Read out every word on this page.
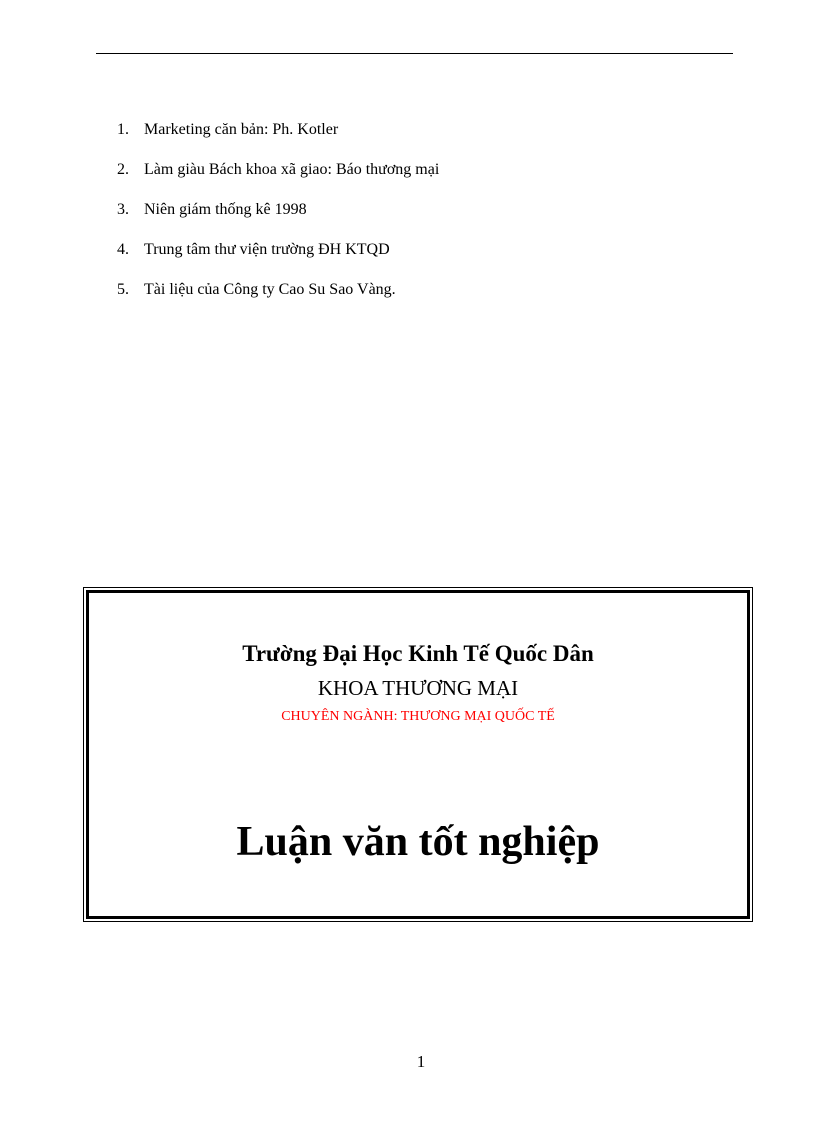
1. Marketing căn bản: Ph. Kotler
2. Làm giàu Bách khoa xã giao: Báo thương mại
3. Niên giám thống kê 1998
4. Trung tâm thư viện trường ĐH KTQD
5. Tài liệu của Công ty Cao Su Sao Vàng.
Trường Đại Học Kinh Tế Quốc Dân
KHOA THƯƠNG MẠI
CHUYÊN NGÀNH: THƯƠNG MẠI QUỐC TẾ
Luận văn tốt nghiệp
1
